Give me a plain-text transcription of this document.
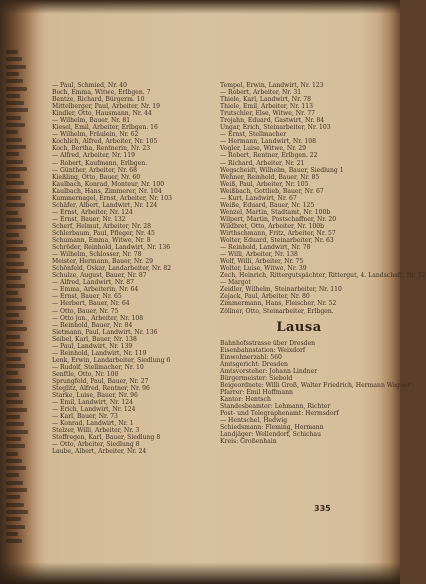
— Paul, Schmied, Nr. 40
Boch, Emma, Witwe, Erlbgen. 7
Bentze, Richard, Bürgerm. 10
Mittelberger, Paul, Arbeiter, Nr. 19
Kindler, Otto, Hausmann, Nr. 44
— Wilhelm, Bauer, Nr. 81
Kiesel, Emil, Arbeiter, Erlbgen. 16
— Wilhelm, Fräulein, Nr. 62
Kochlich, Alfred, Arbeiter, Nr. 105
Koch, Bertha, Rentnerin, Nr. 23
— Alfred, Arbeiter, Nr. 119
— Robert, Kaufmann, Erlbgen.
— Günther, Arbeiter, Nr. 68
Kießling, Otto, Bauer, Nr. 60
Kaulbach, Konrad, Monteur, Nr. 100
Kaulbach, Hans, Zimmerer, Nr. 104
Kummernagel, Ernst, Arbeiter, Nr. 103
Schäfer, Albert, Landwirt, Nr. 124
— Ernst, Arbeiter, Nr. 124
— Ernst, Bauer, Nr. 132
Scherf, Helmut, Arbeiter, Nr. 28
Schlerbaum, Paul, Pfleger, Nr. 45
Schumann, Emma, Witwe, Nr. 8
Schröder, Reinhold, Landwirt, Nr. 136
— Wilhelm, Schlosser, Nr. 78
Meister, Hermann, Bauer, Nr. 29
Schönfeld, Oskar, Landarbeiter, Nr. 82
Schulze, August, Bauer, Nr. 87
— Alfred, Landwirt, Nr. 87
— Emma, Arbeiterin, Nr. 64
— Ernst, Bauer, Nr. 65
— Herbert, Bauer, Nr. 64
— Otto, Bauer, Nr. 75
— Otto jun., Arbeiter, Nr. 108
— Reinhold, Bauer, Nr. 84
Sietmann, Paul, Landwirt, Nr. 136
Seibel, Karl, Bauer, Nr. 138
— Paul, Landwirt, Nr. 139
— Reinhold, Landwirt, Nr. 119
Lenk, Erwin, Landarbeiter, Siedlung 6
— Rudolf, Stellmacher, Nr. 10
Senftle, Otto, Nr. 100
Sprungfeld, Paul, Bauer, Nr. 27
Steglitz, Alfred, Rentner, Nr. 96
Starke, Luise, Bauer, Nr. 96
— Emil, Landwirt, Nr. 124
— Erich, Landwirt, Nr. 124
— Karl, Bauer, Nr. 73
— Konrad, Landwirt, Nr. 1
Stelzer, Willi, Arbeiter, Nr. 3
Stoffregen, Karl, Bauer, Siedlung 8
— Otto, Arbeiter, Siedlung 8
Laube, Albert, Arbeiter, Nr. 24
Tempel, Erwin, Landwirt, Nr. 123
— Robert, Arbeiter, Nr. 31
Thiele, Karl, Landwirt, Nr. 78
Thiele, Emil, Arbeiter, Nr. 113
Trutschler, Else, Witwe, Nr. 77
Trojahn, Eduard, Gastwirt, Nr. 84
Ungar, Erich, Steinarbeiter, Nr. 103
— Ernst, Stellmacher
— Hermann, Landwirt, Nr. 108
Vogler, Luise, Witwe, Nr. 29
— Robert, Rentner, Erlbgen. 22
— Richard, Arbeiter, Nr. 21
Wegscheidt, Wilhelm, Bauer, Siedlung 1
Wehner, Reinhold, Bauer, Nr. 85
Weiß, Paul, Arbeiter, Nr. 105
Weißbach, Gottlieb, Bauer, Nr. 67
— Kurt, Landwirt, Nr. 67
Weiße, Eduard, Bauer, Nr. 125
Wenzel, Martin, Stadtamt, Nr. 100b
Wilpert, Martin, Postschaffner, Nr. 20
Wildbret, Otto, Arbeiter, Nr. 100b
Wirthschmann, Fritz, Arbeiter, Nr. 57
Wolter, Eduard, Steinarbeiter, Nr. 63
— Reinhold, Landwirt, Nr. 78
— Willi, Arbeiter, Nr. 138
Wolf, Willi, Arbeiter, Nr. 75
Wolter, Luise, Witwe, Nr. 39
Zech, Heinrich, Rittergutspächter, Rittergut, 4. Landschaft, Nr. 22
— Margot
Zeidler, Wilhelm, Steinarbeiter, Nr. 110
Zejack, Paul, Arbeiter, Nr. 80
Zimmermann, Hans, Fleischer, Nr. 52
Zöllner, Otto, Steinarbeiter, Erlbgen.
Lausa
Bahnhofsstrasse über Dresden
Eisenbahnstation: Weixdorf
Einwohnerzahl: 560
Amtsgericht: Dresden
Amtsvorsteher: Johann Lindner
Bürgermeister: Siebold
Beigeordnete: Willi Groß, Walter Friedrich, Hermann Wagner
Pfarrer: Emil Hoffmann
Kantor: Hentsch
Standesbeamter: Lehmann, Richter
Post- und Telegraphenamt: Hermsdorf
— Hentschel, Hedwig
Schiedsmann: Fleming, Hermann
Landjäger: Wellendorf, Schichau
Kreis: Großenhain
335
